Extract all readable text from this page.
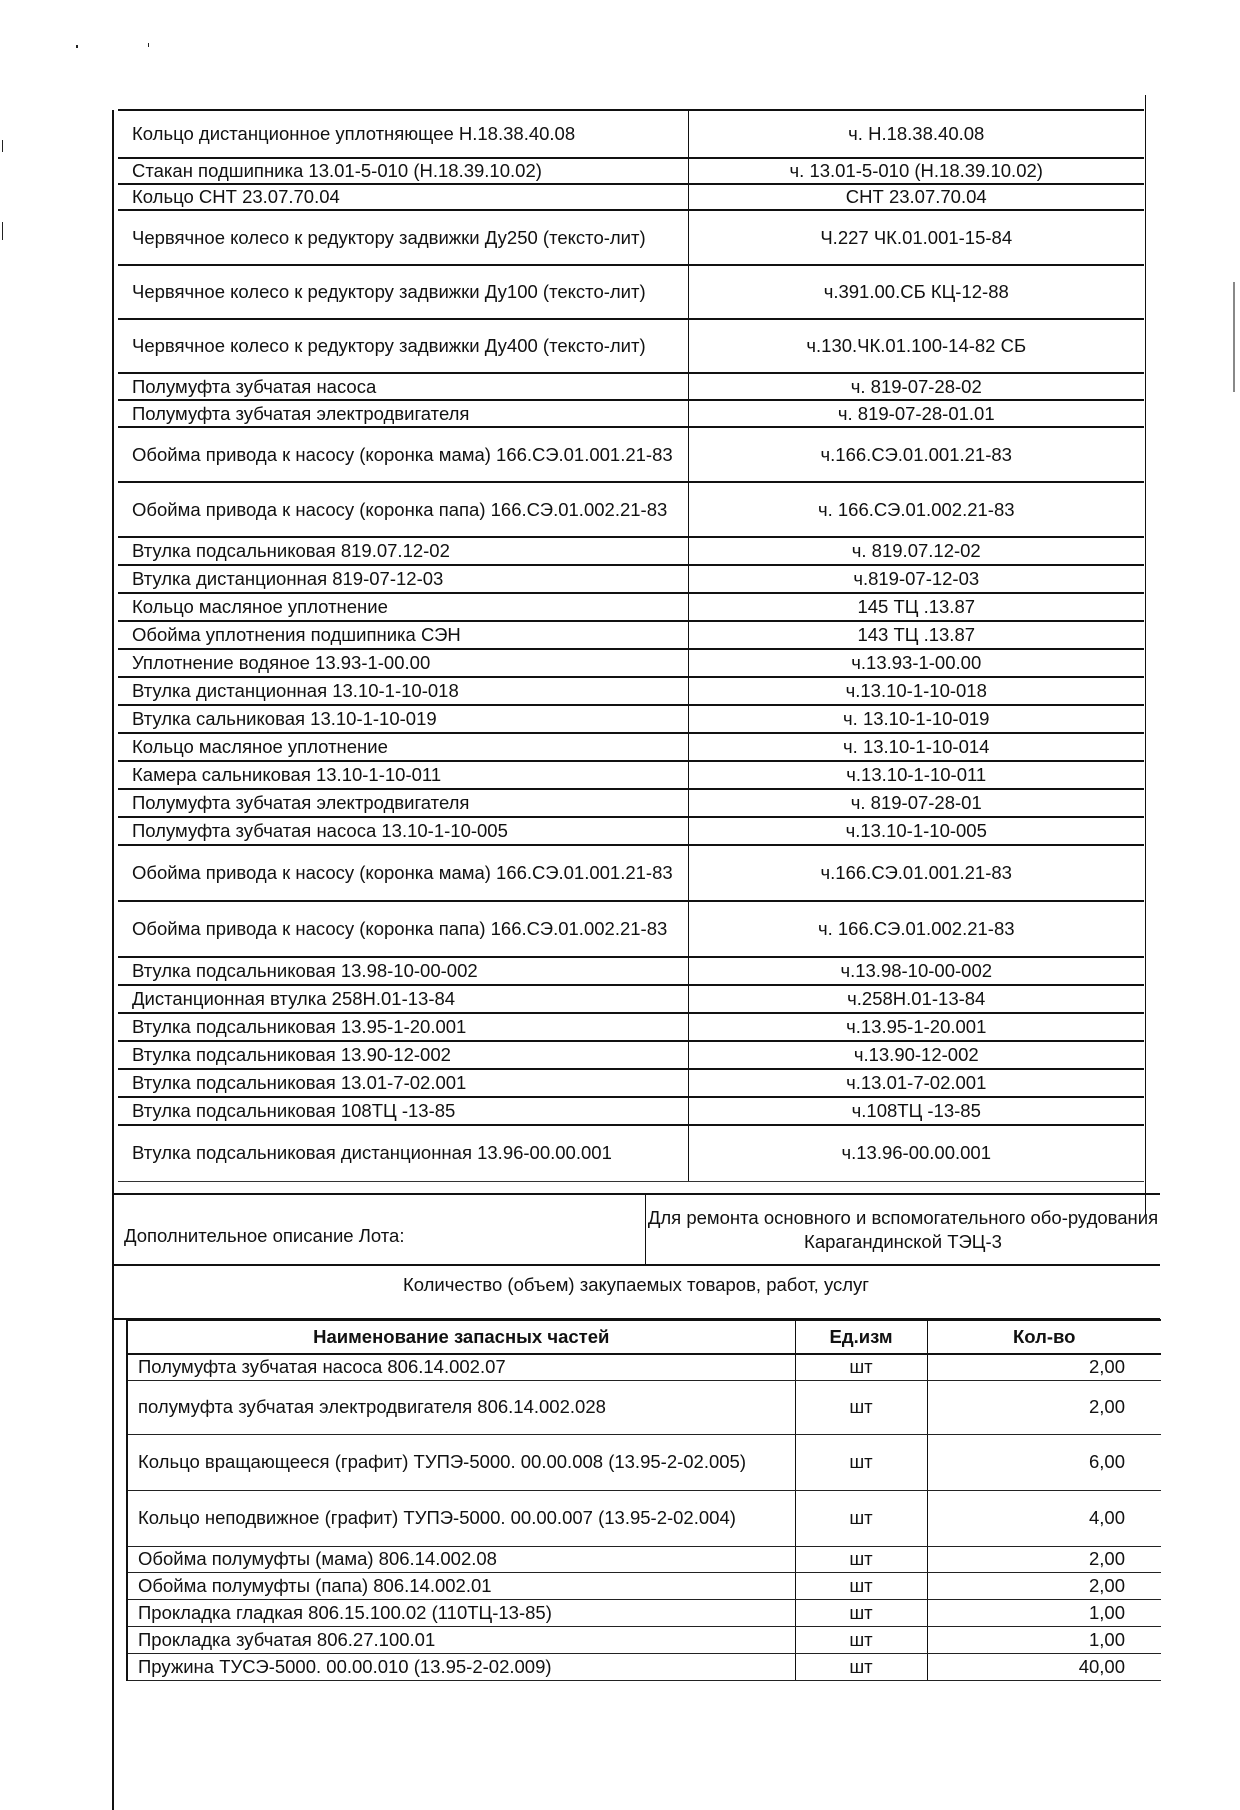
Кольцо дистанционное уплотняющее Н.18.38.40.08	ч. Н.18.38.40.08
Стакан подшипника 13.01-5-010 (Н.18.39.10.02)	ч. 13.01-5-010 (Н.18.39.10.02)
Кольцо СНТ 23.07.70.04	СНТ 23.07.70.04
Червячное колесо к редуктору задвижки Ду250 (тексто-лит)	Ч.227 ЧК.01.001-15-84
Червячное колесо к редуктору задвижки Ду100 (тексто-лит)	ч.391.00.СБ КЦ-12-88
Червячное колесо к редуктору задвижки Ду400 (тексто-лит)	ч.130.ЧК.01.100-14-82 СБ
Полумуфта зубчатая насоса	ч. 819-07-28-02
Полумуфта зубчатая электродвигателя	ч. 819-07-28-01.01
Обойма привода к насосу (коронка мама) 166.СЭ.01.001.21-83	ч.166.СЭ.01.001.21-83
Обойма привода к насосу (коронка папа) 166.СЭ.01.002.21-83	ч. 166.СЭ.01.002.21-83
Втулка подсальниковая 819.07.12-02	ч. 819.07.12-02
Втулка дистанционная 819-07-12-03	ч.819-07-12-03
Кольцо масляное уплотнение	145 ТЦ .13.87
Обойма уплотнения подшипника СЭН	143 ТЦ .13.87
Уплотнение водяное 13.93-1-00.00	ч.13.93-1-00.00
Втулка дистанционная 13.10-1-10-018	ч.13.10-1-10-018
Втулка сальниковая 13.10-1-10-019	ч. 13.10-1-10-019
Кольцо масляное уплотнение	ч. 13.10-1-10-014
Камера сальниковая 13.10-1-10-011	ч.13.10-1-10-011
Полумуфта зубчатая электродвигателя	ч. 819-07-28-01
Полумуфта зубчатая насоса 13.10-1-10-005	ч.13.10-1-10-005
Обойма привода к насосу (коронка мама) 166.СЭ.01.001.21-83	ч.166.СЭ.01.001.21-83
Обойма привода к насосу (коронка папа) 166.СЭ.01.002.21-83	ч. 166.СЭ.01.002.21-83
Втулка подсальниковая 13.98-10-00-002	ч.13.98-10-00-002
Дистанционная втулка 258Н.01-13-84	ч.258Н.01-13-84
Втулка подсальниковая 13.95-1-20.001	ч.13.95-1-20.001
Втулка подсальниковая 13.90-12-002	ч.13.90-12-002
Втулка подсальниковая 13.01-7-02.001	ч.13.01-7-02.001
Втулка подсальниковая 108ТЦ -13-85	ч.108ТЦ -13-85
Втулка подсальниковая дистанционная 13.96-00.00.001	ч.13.96-00.00.001
Дополнительное описание Лота:	Для ремонта основного и вспомогательного обо-рудования Карагандинской ТЭЦ-3
Количество (объем) закупаемых товаров, работ, услуг
Наименование запасных частей	Ед.изм	Кол-во
Полумуфта зубчатая насоса 806.14.002.07	шт	2,00
полумуфта зубчатая электродвигателя 806.14.002.028	шт	2,00
Кольцо вращающееся (графит) ТУПЭ-5000. 00.00.008 (13.95-2-02.005)	шт	6,00
Кольцо неподвижное (графит) ТУПЭ-5000. 00.00.007 (13.95-2-02.004)	шт	4,00
Обойма полумуфты (мама) 806.14.002.08	шт	2,00
Обойма полумуфты (папа) 806.14.002.01	шт	2,00
Прокладка гладкая 806.15.100.02 (110ТЦ-13-85)	шт	1,00
Прокладка зубчатая 806.27.100.01	шт	1,00
Пружина ТУСЭ-5000. 00.00.010 (13.95-2-02.009)	шт	40,00
